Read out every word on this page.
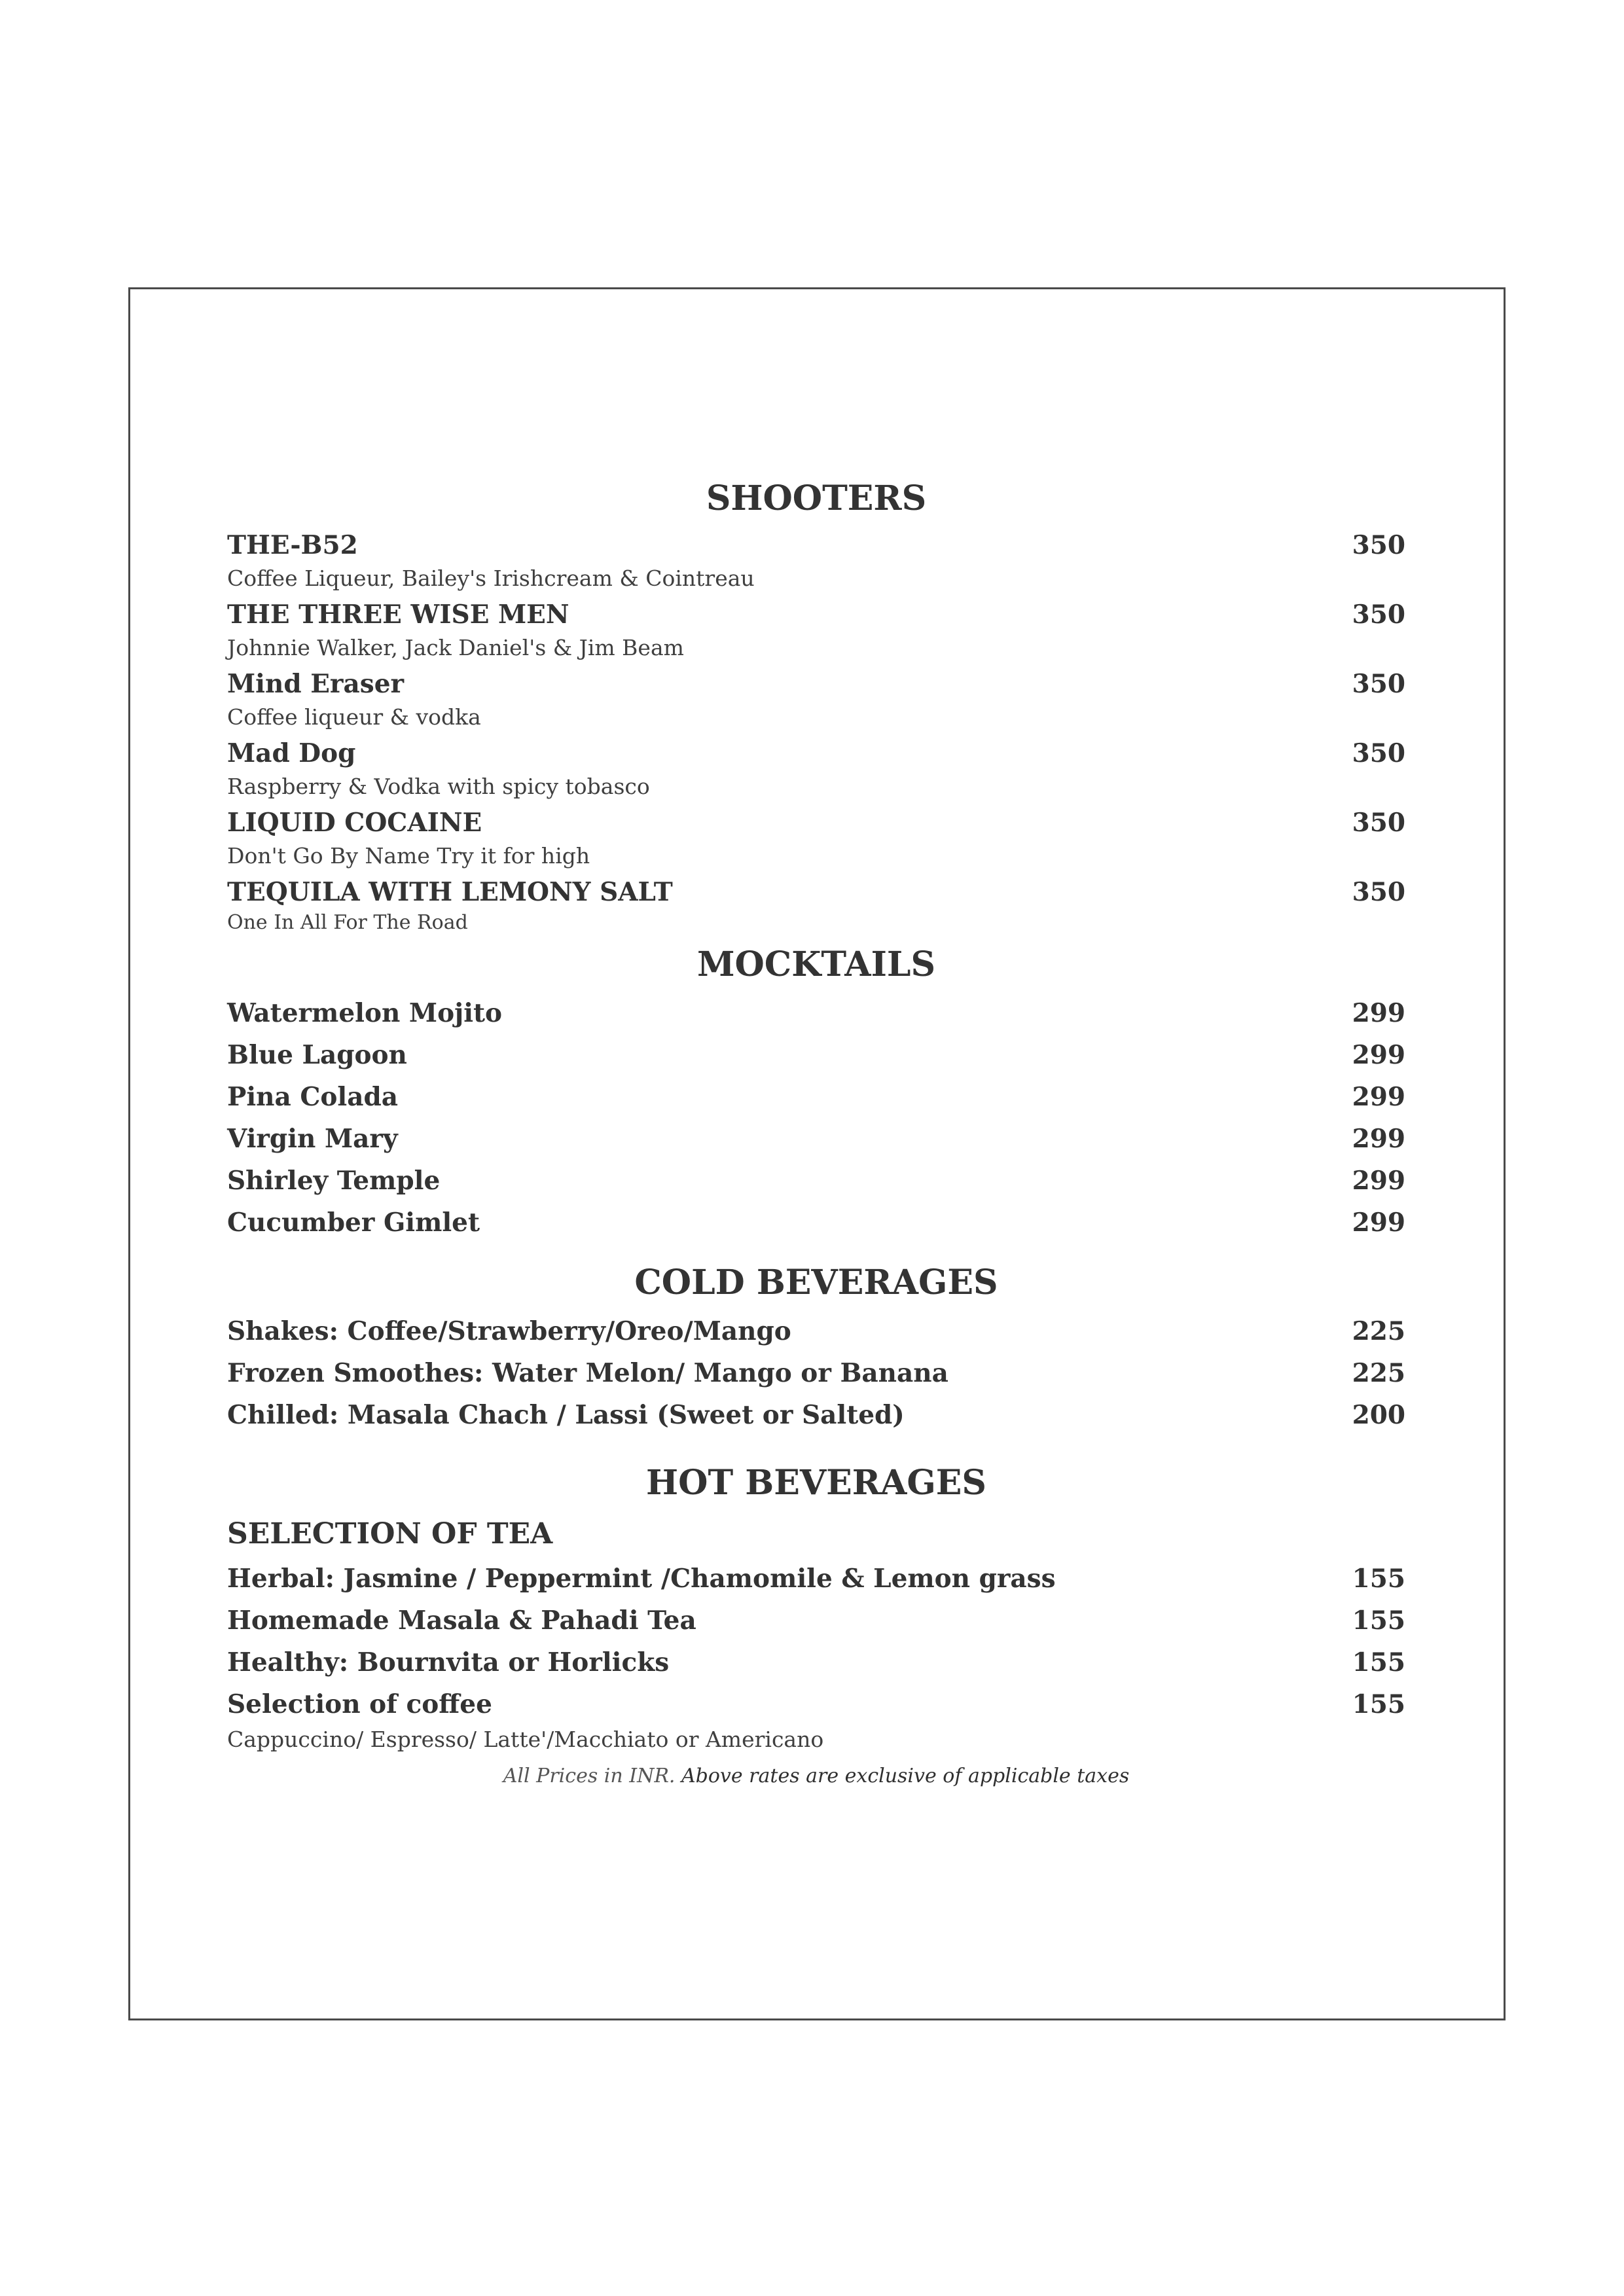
SHOOTERS
THE-B52	350
Coffee Liqueur, Bailey's Irishcream & Cointreau
THE THREE WISE MEN	350
Johnnie Walker, Jack Daniel's & Jim Beam
Mind Eraser	350
Coffee liqueur & vodka
Mad Dog	350
Raspberry & Vodka with spicy tobasco
LIQUID COCAINE	350
Don't Go By Name Try it for high
TEQUILA WITH LEMONY SALT	350
One In All For The Road
MOCKTAILS
Watermelon Mojito	299
Blue Lagoon	299
Pina Colada	299
Virgin Mary	299
Shirley Temple	299
Cucumber Gimlet	299
COLD BEVERAGES
Shakes: Coffee/Strawberry/Oreo/Mango	225
Frozen Smoothes: Water Melon/ Mango or Banana	225
Chilled: Masala Chach / Lassi (Sweet or Salted)	200
HOT BEVERAGES
SELECTION OF TEA
Herbal: Jasmine / Peppermint /Chamomile & Lemon grass	155
Homemade Masala & Pahadi Tea	155
Healthy: Bournvita or Horlicks	155
Selection of coffee	155
Cappuccino/ Espresso/ Latte'/Macchiato or Americano
All Prices in INR. Above rates are exclusive of applicable taxes
